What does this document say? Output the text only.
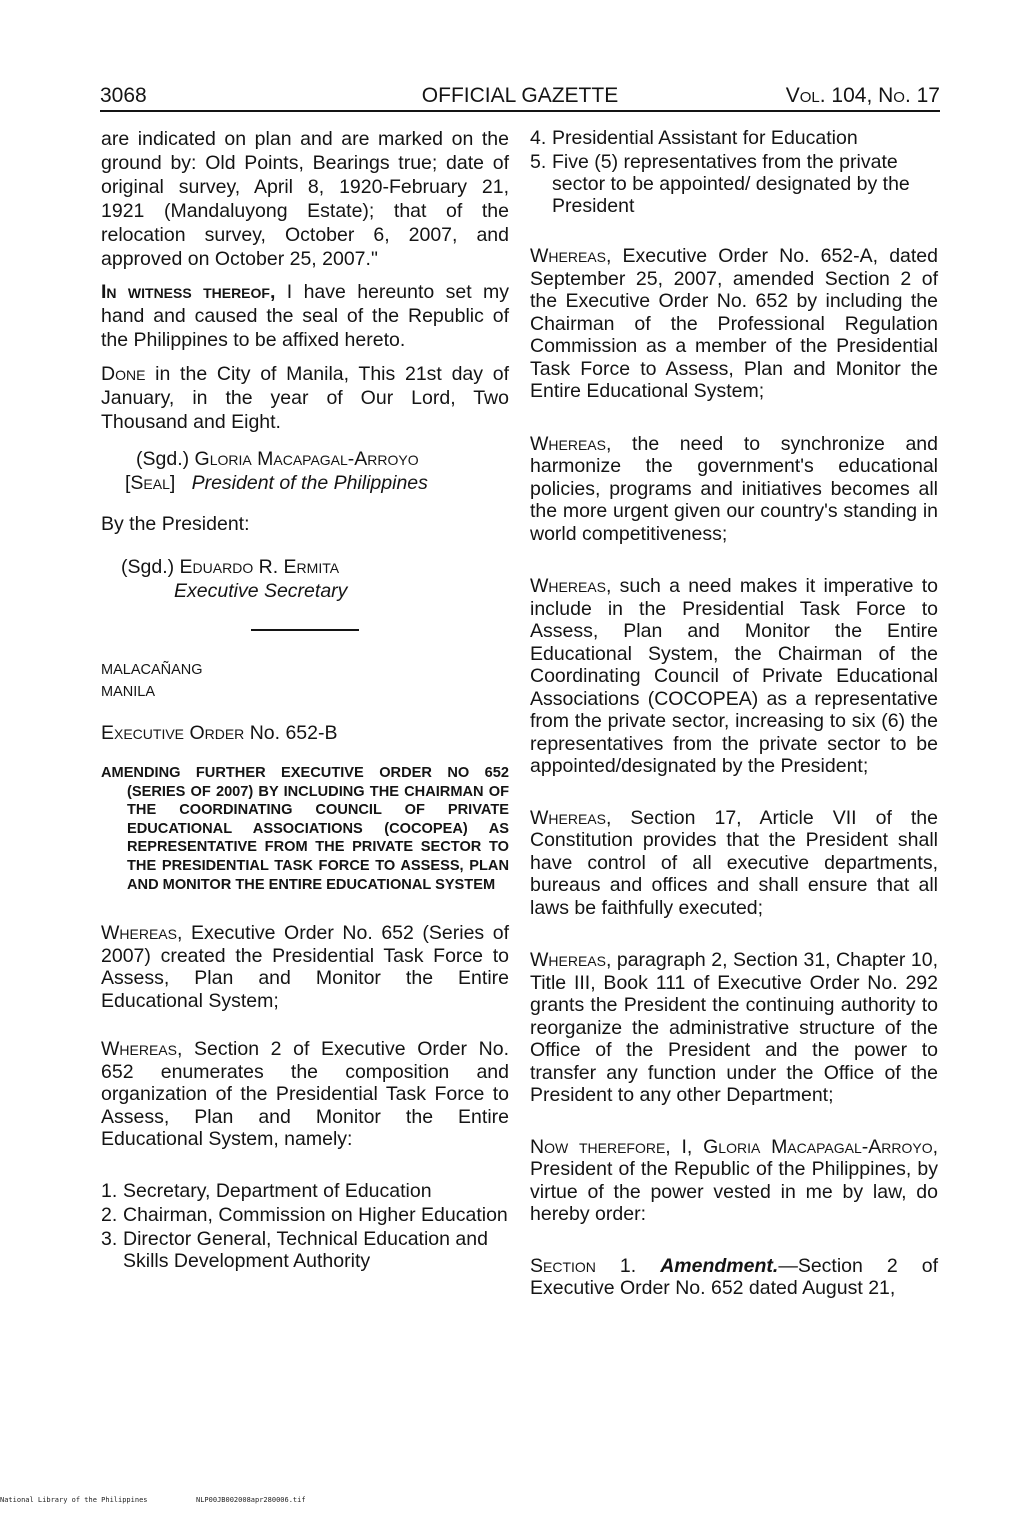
3068	OFFICIAL GAZETTE	Vol. 104, No. 17

are indicated on plan and are marked on the ground by: Old Points, Bearings true; date of original survey, April 8, 1920-February 21, 1921 (Mandaluyong Estate); that of the relocation survey, October 6, 2007, and approved on October 25, 2007."

In witness thereof, I have hereunto set my hand and caused the seal of the Republic of the Philippines to be affixed hereto.

Done in the City of Manila, This 21st day of January, in the year of Our Lord, Two Thousand and Eight.

(Sgd.) Gloria Macapagal-Arroyo

[Seal] President of the Philippines

By the President:

(Sgd.) Eduardo R. Ermita

Executive Secretary

MALACAÑANG

MANILA

Executive Order No. 652-B

AMENDING FURTHER EXECUTIVE ORDER NO 652 (SERIES OF 2007) BY INCLUDING THE CHAIRMAN OF THE COORDINATING COUNCIL OF PRIVATE EDUCATIONAL ASSOCIATIONS (COCOPEA) AS REPRESENTATIVE FROM THE PRIVATE SECTOR TO THE PRESIDENTIAL TASK FORCE TO ASSESS, PLAN AND MONITOR THE ENTIRE EDUCATIONAL SYSTEM

Whereas, Executive Order No. 652 (Series of 2007) created the Presidential Task Force to Assess, Plan and Monitor the Entire Educational System;

Whereas, Section 2 of Executive Order No. 652 enumerates the composition and organization of the Presidential Task Force to Assess, Plan and Monitor the Entire Educational System, namely:

1. Secretary, Department of Education
2. Chairman, Commission on Higher Education
3. Director General, Technical Education and Skills Development Authority
4. Presidential Assistant for Education
5. Five (5) representatives from the private sector to be appointed/ designated by the President

Whereas, Executive Order No. 652-A, dated September 25, 2007, amended Section 2 of the Executive Order No. 652 by including the Chairman of the Professional Regulation Commission as a member of the Presidential Task Force to Assess, Plan and Monitor the Entire Educational System;

Whereas, the need to synchronize and harmonize the government's educational policies, programs and initiatives becomes all the more urgent given our country's standing in world competitiveness;

Whereas, such a need makes it imperative to include in the Presidential Task Force to Assess, Plan and Monitor the Entire Educational System, the Chairman of the Coordinating Council of Private Educational Associations (COCOPEA) as a representative from the private sector, increasing to six (6) the representatives from the private sector to be appointed/designated by the President;

Whereas, Section 17, Article VII of the Constitution provides that the President shall have control of all executive departments, bureaus and offices and shall ensure that all laws be faithfully executed;

Whereas, paragraph 2, Section 31, Chapter 10, Title III, Book 111 of Executive Order No. 292 grants the President the continuing authority to reorganize the administrative structure of the Office of the President and the power to transfer any function under the Office of the President to any other Department;

Now therefore, I, Gloria Macapagal-Arroyo, President of the Republic of the Philippines, by virtue of the power vested in me by law, do hereby order:

Section 1. Amendment.—Section 2 of Executive Order No. 652 dated August 21,

National Library of the Philippines

	NLP00JB002008apr280006.tif
